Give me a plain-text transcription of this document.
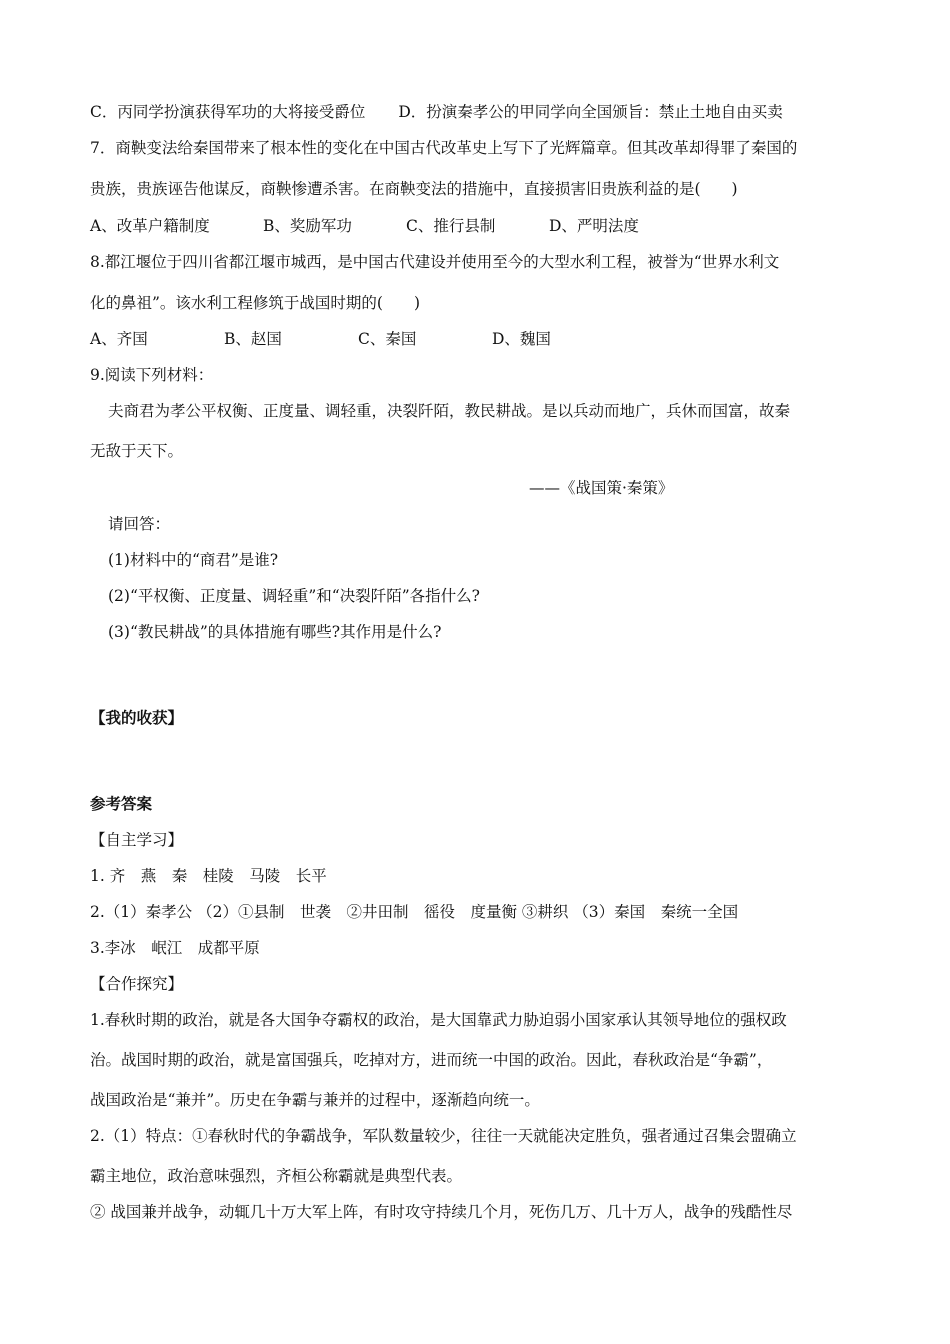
C．丙同学扮演获得军功的大将接受爵位 D．扮演秦孝公的甲同学向全国颁旨：禁止土地自由买卖
7．商鞅变法给秦国带来了根本性的变化在中国古代改革史上写下了光辉篇章。但其改革却得罪了秦国的
贵族，贵族诬告他谋反，商鞅惨遭杀害。在商鞅变法的措施中，直接损害旧贵族利益的是(　　)
A、改革户籍制度	B、奖励军功	C、推行县制	D、严明法度
8.都江堰位于四川省都江堰市城西，是中国古代建设并使用至今的大型水利工程，被誉为“世界水利文
化的鼻祖”。该水利工程修筑于战国时期的(　　)
A、齐国	B、赵国	C、秦国	D、魏国
9.阅读下列材料：
夫商君为孝公平权衡、正度量、调轻重，决裂阡陌，教民耕战。是以兵动而地广，兵休而国富，故秦
无敌于天下。
——《战国策·秦策》
请回答：
(1)材料中的“商君”是谁?
(2)“平权衡、正度量、调轻重”和“决裂阡陌”各指什么?
(3)“教民耕战”的具体措施有哪些?其作用是什么?
【我的收获】
参考答案
【自主学习】
1. 齐　燕　秦　桂陵　马陵　长平
2.（1）秦孝公 （2）①县制　世袭　②井田制　徭役　度量衡 ③耕织 （3）秦国　秦统一全国
3.李冰　岷江　成都平原
【合作探究】
1.春秋时期的政治，就是各大国争夺霸权的政治，是大国靠武力胁迫弱小国家承认其领导地位的强权政
治。战国时期的政治，就是富国强兵，吃掉对方，进而统一中国的政治。因此，春秋政治是“争霸”，
战国政治是“兼并”。历史在争霸与兼并的过程中，逐渐趋向统一。
2.（1）特点：①春秋时代的争霸战争，军队数量较少，往往一天就能决定胜负，强者通过召集会盟确立
霸主地位，政治意味强烈，齐桓公称霸就是典型代表。
② 战国兼并战争，动辄几十万大军上阵，有时攻守持续几个月，死伤几万、几十万人，战争的残酷性尽
